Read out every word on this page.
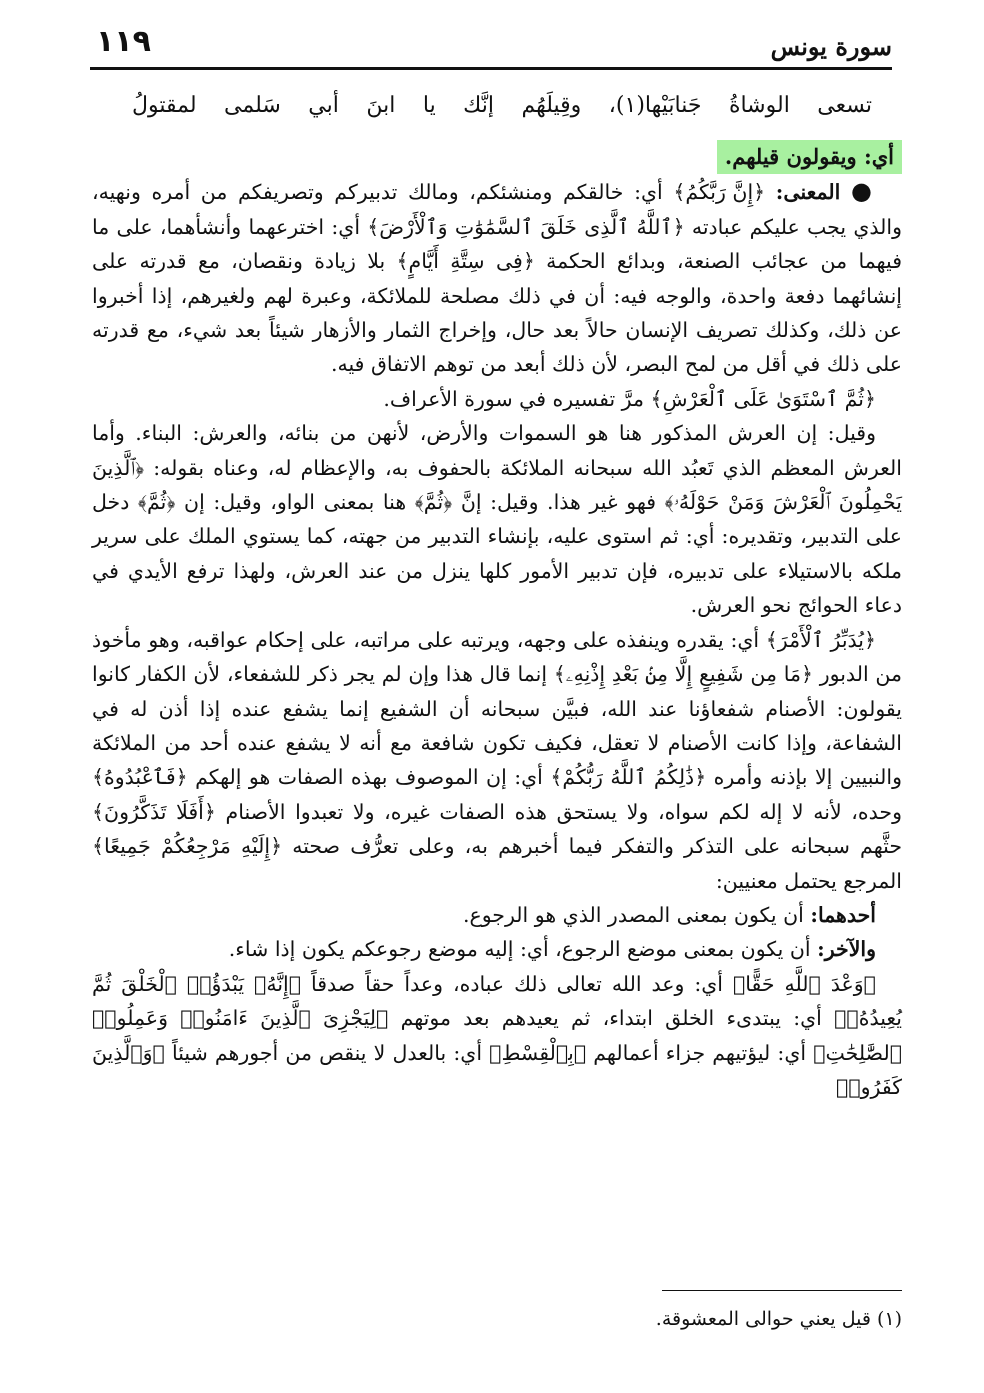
١١٩	سورة يونس

تسعى الوشاةُ جَنابَيْها(١)، وقِيلَهُم إنَّك يا ابنَ أبي سَلمى لمقتولُ

أي: ويقولون قيلهم.

● المعنى: ﴿إِنَّ رَبَّكُمُ﴾ أي: خالقكم ومنشئكم، ومالك تدبيركم وتصريفكم من أمره ونهيه، والذي يجب عليكم عبادته ﴿ٱللَّهُ ٱلَّذِى خَلَقَ ٱلسَّمَٰوَٰتِ وَٱلْأَرْضَ﴾ أي: اخترعهما وأنشأهما، على ما فيهما من عجائب الصنعة، وبدائع الحكمة ﴿فِى سِتَّةِ أَيَّامٍ﴾ بلا زيادة ونقصان، مع قدرته على إنشائهما دفعة واحدة، والوجه فيه: أن في ذلك مصلحة للملائكة، وعبرة لهم ولغيرهم، إذا أخبروا عن ذلك، وكذلك تصريف الإنسان حالاً بعد حال، وإخراج الثمار والأزهار شيئاً بعد شيء، مع قدرته على ذلك في أقل من لمح البصر، لأن ذلك أبعد من توهم الاتفاق فيه.

﴿ثُمَّ ٱسْتَوَىٰ عَلَى ٱلْعَرْشِ﴾ مرَّ تفسيره في سورة الأعراف.

وقيل: إن العرش المذكور هنا هو السموات والأرض، لأنهن من بنائه، والعرش: البناء. وأما العرش المعظم الذي تَعبُد الله سبحانه الملائكة بالحفوف به، والإعظام له، وعناه بقوله: ﴿ٱلَّذِينَ يَحْمِلُونَ ٱلْعَرْشَ وَمَنْ حَوْلَهُۥ﴾ فهو غير هذا. وقيل: إنَّ ﴿ثُمَّ﴾ هنا بمعنى الواو، وقيل: إن ﴿ثُمَّ﴾ دخل على التدبير، وتقديره: أي: ثم استوى عليه، بإنشاء التدبير من جهته، كما يستوي الملك على سرير ملكه بالاستيلاء على تدبيره، فإن تدبير الأمور كلها ينزل من عند العرش، ولهذا ترفع الأيدي في دعاء الحوائج نحو العرش.

﴿يُدَبِّرُ ٱلْأَمْرَ﴾ أي: يقدره وينفذه على وجهه، ويرتبه على مراتبه، على إحكام عواقبه، وهو مأخوذ من الدبور ﴿مَا مِن شَفِيعٍ إِلَّا مِنۢ بَعْدِ إِذْنِهِۦ﴾ إنما قال هذا وإن لم يجر ذكر للشفعاء، لأن الكفار كانوا يقولون: الأصنام شفعاؤنا عند الله، فبيَّن سبحانه أن الشفيع إنما يشفع عنده إذا أذن له في الشفاعة، وإذا كانت الأصنام لا تعقل، فكيف تكون شافعة مع أنه لا يشفع عنده أحد من الملائكة والنبيين إلا بإذنه وأمره ﴿ذَٰلِكُمُ ٱللَّهُ رَبُّكُمْ﴾ أي: إن الموصوف بهذه الصفات هو إلهكم ﴿فَٱعْبُدُوهُ﴾ وحده، لأنه لا إله لكم سواه، ولا يستحق هذه الصفات غيره، ولا تعبدوا الأصنام ﴿أَفَلَا تَذَكَّرُونَ﴾ حثَّهم سبحانه على التذكر والتفكر فيما أخبرهم به، وعلى تعرُّف صحته ﴿إِلَيْهِ مَرْجِعُكُمْ جَمِيعًا﴾ المرجع يحتمل معنيين:

أحدهما: أن يكون بمعنى المصدر الذي هو الرجوع.

والآخر: أن يكون بمعنى موضع الرجوع، أي: إليه موضع رجوعكم يكون إذا شاء.

﴿وَعْدَ ٱللَّهِ حَقًّا﴾ أي: وعد الله تعالى ذلك عباده، وعداً حقاً صدقاً ﴿إِنَّهُۥ يَبْدَؤُا۟ ٱلْخَلْقَ ثُمَّ يُعِيدُهُۥ﴾ أي: يبتدىء الخلق ابتداء، ثم يعيدهم بعد موتهم ﴿لِيَجْزِىَ ٱلَّذِينَ ءَامَنُوا۟ وَعَمِلُوا۟ ٱلصَّٰلِحَٰتِ﴾ أي: ليؤتيهم جزاء أعمالهم ﴿بِٱلْقِسْطِ﴾ أي: بالعدل لا ينقص من أجورهم شيئاً ﴿وَٱلَّذِينَ كَفَرُوا۟

(١) قيل يعني حوالى المعشوقة.
